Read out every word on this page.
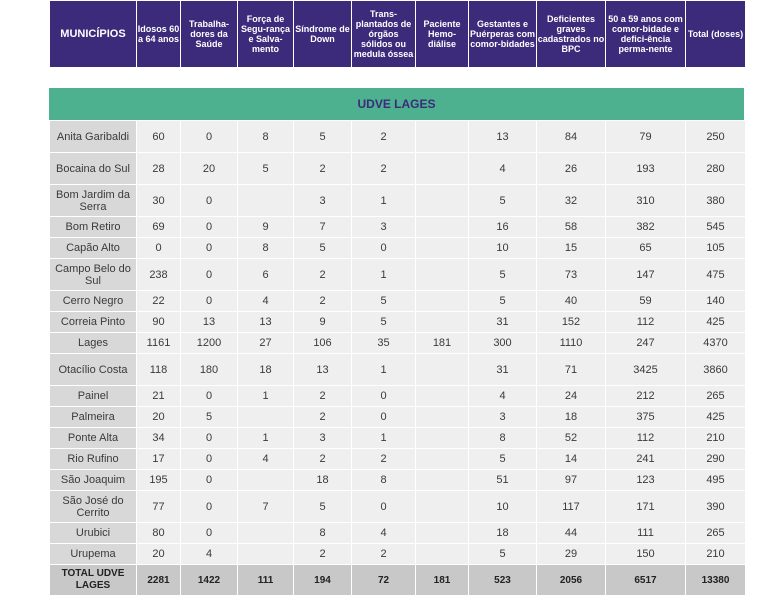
MUNICÍPIOS	Idosos 60 a 64 anos	Trabalha-dores da Saúde	Força de Segu-rança e Salva-mento	Síndrome de Down	Trans-plantados de órgãos sólidos ou medula óssea	Paciente Hemo-diálise	Gestantes e Puérperas com comor-bidades	Deficientes graves cadastrados no BPC	50 a 59 anos com comor-bidade e defici-ência perma-nente	Total (doses)
UDVE LAGES
Anita Garibaldi	60	0	8	5	2		13	84	79	250
Bocaina do Sul	28	20	5	2	2		4	26	193	280
Bom Jardim da Serra	30	0		3	1		5	32	310	380
Bom Retiro	69	0	9	7	3		16	58	382	545
Capão Alto	0	0	8	5	0		10	15	65	105
Campo Belo do Sul	238	0	6	2	1		5	73	147	475
Cerro Negro	22	0	4	2	5		5	40	59	140
Correia Pinto	90	13	13	9	5		31	152	112	425
Lages	1161	1200	27	106	35	181	300	1110	247	4370
Otacílio Costa	118	180	18	13	1		31	71	3425	3860
Painel	21	0	1	2	0		4	24	212	265
Palmeira	20	5		2	0		3	18	375	425
Ponte Alta	34	0	1	3	1		8	52	112	210
Rio Rufino	17	0	4	2	2		5	14	241	290
São Joaquim	195	0		18	8		51	97	123	495
São José do Cerrito	77	0	7	5	0		10	117	171	390
Urubici	80	0		8	4		18	44	111	265
Urupema	20	4		2	2		5	29	150	210
TOTAL UDVE LAGES	2281	1422	111	194	72	181	523	2056	6517	13380
